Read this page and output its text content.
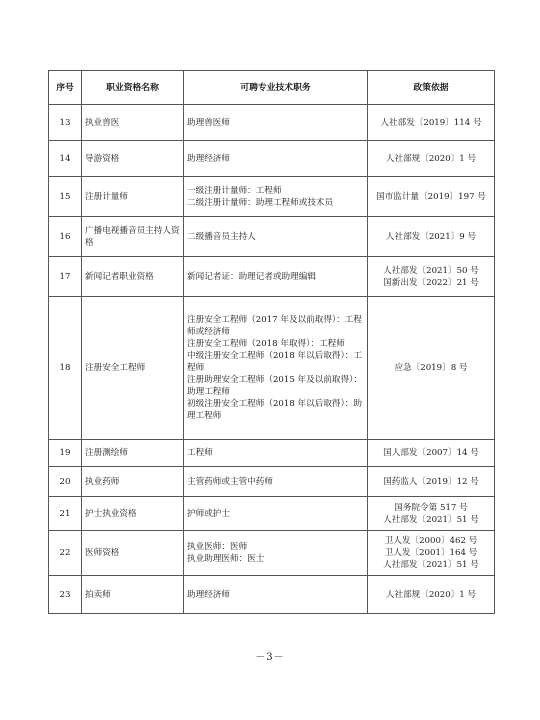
序号	职业资格名称	可聘专业技术职务	政策依据
13	执业兽医	助理兽医师	人社部发〔2019〕114 号

14	导游资格	助理经济师	人社部规〔2020〕1 号

15	注册计量师	一级注册计量师：工程师
二级注册计量师：助理工程师或技术员	国市监计量〔2019〕197 号

16	广播电视播音员主持人资格	二级播音员主持人	人社部发〔2021〕9 号

17	新闻记者职业资格	新闻记者证：助理记者或助理编辑	人社部发〔2021〕50 号
国新出发〔2022〕21 号

18	注册安全工程师	注册安全工程师（2017 年及以前取得）：工程师或经济师
注册安全工程师（2018 年取得）：工程师
中级注册安全工程师（2018 年以后取得）：工程师
注册助理安全工程师（2015 年及以前取得）：助理工程师
初级注册安全工程师（2018 年以后取得）：助理工程师	应急〔2019〕8 号

19	注册测绘师	工程师	国人部发〔2007〕14 号

20	执业药师	主管药师或主管中药师	国药监人〔2019〕12 号

21	护士执业资格	护师或护士	国务院令第 517 号
人社部发〔2021〕51 号

22	医师资格	执业医师：医师
执业助理医师：医士	卫人发〔2000〕462 号
卫人发〔2001〕164 号
人社部发〔2021〕51 号

23	拍卖师	助理经济师	人社部规〔2020〕1 号
－3－
